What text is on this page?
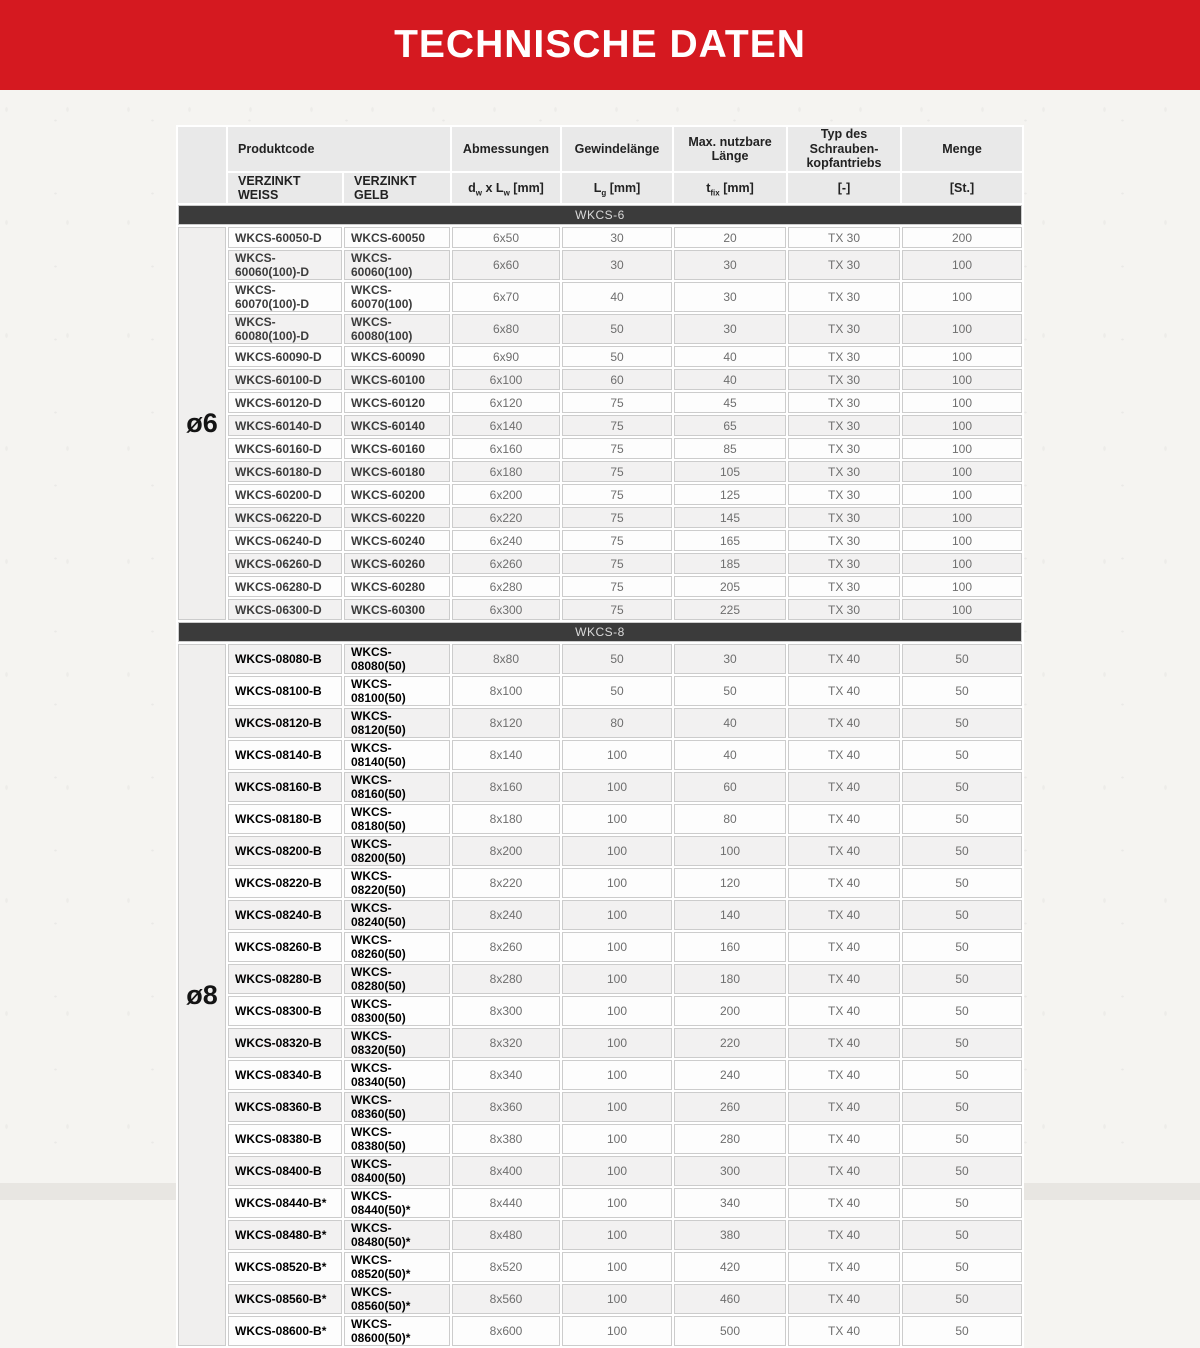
TECHNISCHE DATEN
	Produktcode		Abmessungen	Gewindelänge	Max. nutzbare Länge	Typ des Schrauben-kopfantriebs	Menge
	VERZINKT WEISS	VERZINKT GELB	$d_w$ x $L_w$ [mm]	$L_g$ [mm]	$t_{fix}$ [mm]	[-]	[St.]
WKCS-6							
ø6	WKCS-60050-D	WKCS-60050	6x50	30	20	TX 30	200
	WKCS-60060(100)-D	WKCS-60060(100)	6x60	30	30	TX 30	100
	WKCS-60070(100)-D	WKCS-60070(100)	6x70	40	30	TX 30	100
	WKCS-60080(100)-D	WKCS-60080(100)	6x80	50	30	TX 30	100
	WKCS-60090-D	WKCS-60090	6x90	50	40	TX 30	100
	WKCS-60100-D	WKCS-60100	6x100	60	40	TX 30	100
	WKCS-60120-D	WKCS-60120	6x120	75	45	TX 30	100
	WKCS-60140-D	WKCS-60140	6x140	75	65	TX 30	100
	WKCS-60160-D	WKCS-60160	6x160	75	85	TX 30	100
	WKCS-60180-D	WKCS-60180	6x180	75	105	TX 30	100
	WKCS-60200-D	WKCS-60200	6x200	75	125	TX 30	100
	WKCS-06220-D	WKCS-60220	6x220	75	145	TX 30	100
	WKCS-06240-D	WKCS-60240	6x240	75	165	TX 30	100
	WKCS-06260-D	WKCS-60260	6x260	75	185	TX 30	100
	WKCS-06280-D	WKCS-60280	6x280	75	205	TX 30	100
	WKCS-06300-D	WKCS-60300	6x300	75	225	TX 30	100
WKCS-8							
ø8	WKCS-08080-B	WKCS-08080(50)	8x80	50	30	TX 40	50
	WKCS-08100-B	WKCS-08100(50)	8x100	50	50	TX 40	50
	WKCS-08120-B	WKCS-08120(50)	8x120	80	40	TX 40	50
	WKCS-08140-B	WKCS-08140(50)	8x140	100	40	TX 40	50
	WKCS-08160-B	WKCS-08160(50)	8x160	100	60	TX 40	50
	WKCS-08180-B	WKCS-08180(50)	8x180	100	80	TX 40	50
	WKCS-08200-B	WKCS-08200(50)	8x200	100	100	TX 40	50
	WKCS-08220-B	WKCS-08220(50)	8x220	100	120	TX 40	50
	WKCS-08240-B	WKCS-08240(50)	8x240	100	140	TX 40	50
	WKCS-08260-B	WKCS-08260(50)	8x260	100	160	TX 40	50
	WKCS-08280-B	WKCS-08280(50)	8x280	100	180	TX 40	50
	WKCS-08300-B	WKCS-08300(50)	8x300	100	200	TX 40	50
	WKCS-08320-B	WKCS-08320(50)	8x320	100	220	TX 40	50
	WKCS-08340-B	WKCS-08340(50)	8x340	100	240	TX 40	50
	WKCS-08360-B	WKCS-08360(50)	8x360	100	260	TX 40	50
	WKCS-08380-B	WKCS-08380(50)	8x380	100	280	TX 40	50
	WKCS-08400-B	WKCS-08400(50)	8x400	100	300	TX 40	50
	WKCS-08440-B*	WKCS-08440(50)*	8x440	100	340	TX 40	50
	WKCS-08480-B*	WKCS-08480(50)*	8x480	100	380	TX 40	50
	WKCS-08520-B*	WKCS-08520(50)*	8x520	100	420	TX 40	50
	WKCS-08560-B*	WKCS-08560(50)*	8x560	100	460	TX 40	50
	WKCS-08600-B*	WKCS-08600(50)*	8x600	100	500	TX 40	50
